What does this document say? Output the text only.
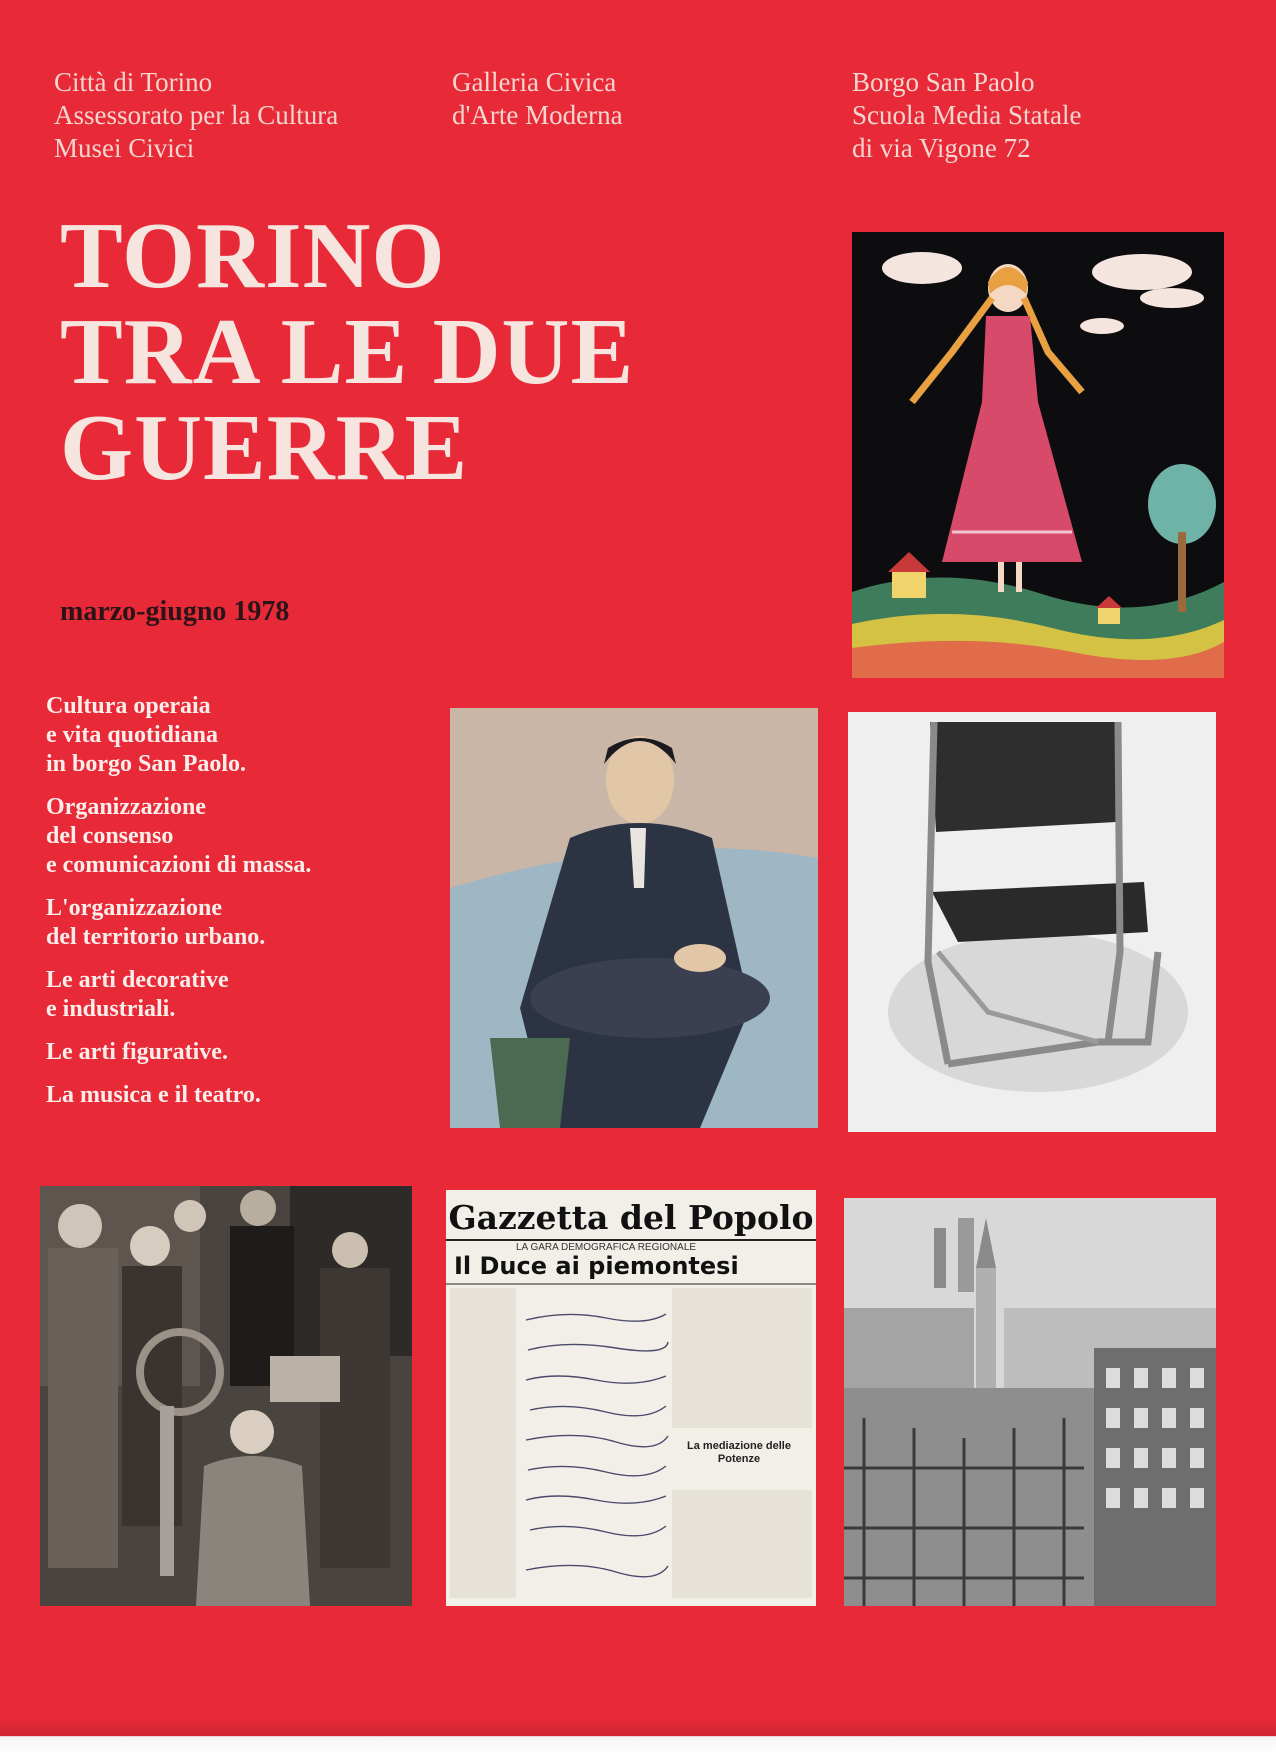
Città di Torino
Assessorato per la Cultura
Musei Civici
Galleria Civica
d'Arte Moderna
Borgo San Paolo
Scuola Media Statale
di via Vigone 72
TORINO
TRA LE DUE
GUERRE
marzo-giugno 1978
Cultura operaia
e vita quotidiana
in borgo San Paolo.
Organizzazione
del consenso
e comunicazioni di massa.
L'organizzazione
del territorio urbano.
Le arti decorative
e industriali.
Le arti figurative.
La musica e il teatro.
Gazzetta del Popolo
LA GARA DEMOGRAFICA REGIONALE
Il Duce ai piemontesi
La mediazione delle Potenze
